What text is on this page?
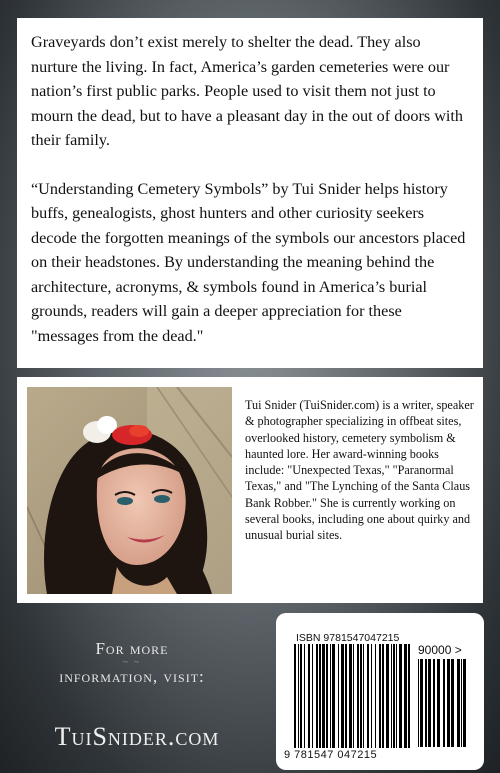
Graveyards don’t exist merely to shelter the dead. They also nurture the living. In fact, America’s garden cemeteries were our nation’s first public parks. People used to visit them not just to mourn the dead, but to have a pleasant day in the out of doors with their family.

“Understanding Cemetery Symbols” by Tui Snider helps history buffs, genealogists, ghost hunters and other curiosity seekers decode the forgotten meanings of the symbols our ancestors placed on their headstones. By understanding the meaning behind the architecture, acronyms, & symbols found in America’s burial grounds, readers will gain a deeper appreciation for these "messages from the dead."

Tui Snider (TuiSnider.com) is a writer, speaker & photographer specializing in offbeat sites, overlooked history, cemetery symbolism & haunted lore. Her award-winning books include: "Unexpected Texas," "Paranormal Texas," and "The Lynching of the Santa Claus Bank Robber." She is currently working on several books, including one about quirky and unusual burial sites.
For more
~ ~
information, visit:
TuiSnider.com
ISBN 9781547047215
90000 >
9 781547 047215
